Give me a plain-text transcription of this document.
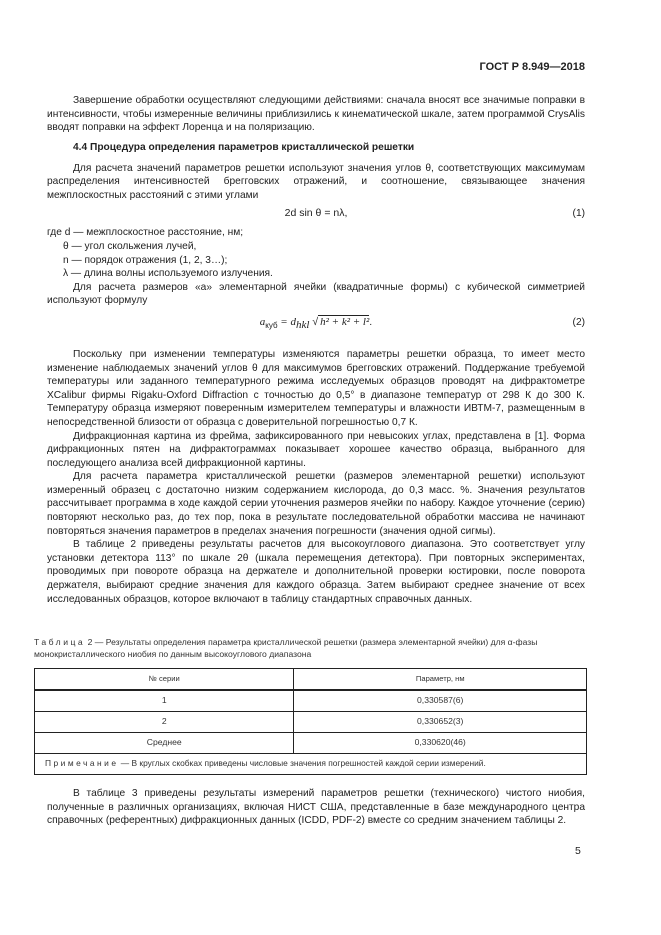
ГОСТ Р 8.949—2018

Завершение обработки осуществляют следующими действиями: сначала вносят все значимые поправки в интенсивности, чтобы измеренные величины приблизились к кинематической шкале, затем программой CrysAlis вводят поправки на эффект Лоренца и на поляризацию.

4.4 Процедура определения параметров кристаллической решетки

Для расчета значений параметров решетки используют значения углов θ, соответствующих максимумам распределения интенсивностей брегговских отражений, и соотношение, связывающее значения межплоскостных расстояний с этими углами

2d sin θ = nλ,	(1)
где d — межплоскостное расстояние, нм;
θ — угол скольжения лучей,
n — порядок отражения (1, 2, 3…);
λ — длина волны используемого излучения.

Для расчета размеров «а» элементарной ячейки (квадратичные формы) с кубической симметрией используют формулу

$a_{куб} = d_{hkl}$ √ h² + k² + l².	(2)

Поскольку при изменении температуры изменяются параметры решетки образца, то имеет место изменение наблюдаемых значений углов θ для максимумов брегговских отражений. Поддержание требуемой температуры или заданного температурного режима исследуемых образцов проводят на дифрактометре XCalibur фирмы Rigaku-Oxford Diffraction с точностью до 0,5° в диапазоне температур от 298 К до 300 К. Температуру образца измеряют поверенным измерителем температуры и влажности ИВТМ-7, размещенным в непосредственной близости от образца с доверительной погрешностью 0,7 К.

Дифракционная картина из фрейма, зафиксированного при невысоких углах, представлена в [1]. Форма дифракционных пятен на дифрактограммах показывает хорошее качество образца, выбранного для последующего анализа всей дифракционной картины.

Для расчета параметра кристаллической решетки (размеров элементарной решетки) используют измеренный образец с достаточно низким содержанием кислорода, до 0,3 масс. %. Значения результатов рассчитывает программа в ходе каждой серии уточнения размеров ячейки по набору. Каждое уточнение (серию) повторяют несколько раз, до тех пор, пока в результате последовательной обработки массива не начинают повторяться значения параметров в пределах значения погрешности (значения одной сигмы).

В таблице 2 приведены результаты расчетов для высокоуглового диапазона. Это соответствует углу установки детектора 113° по шкале 2θ (шкала перемещения детектора). При повторных экспериментах, проводимых при повороте образца на держателе и дополнительной проверки юстировки, после поворота держателя, выбирают средние значения для каждого образца. Затем выбирают среднее значение от всех исследованных образцов, которое включают в таблицу стандартных справочных данных.

Таблица 2 — Результаты определения параметра кристаллической решетки (размера элементарной ячейки) для α-фазы монокристаллического ниобия по данным высокоуглового диапазона
№ серии	Параметр, нм
1	0,330587(6)
2	0,330652(3)
Среднее	0,330620(46)
Примечание — В круглых скобках приведены числовые значения погрешностей каждой серии измерений.	

В таблице 3 приведены результаты измерений параметров решетки (технического) чистого ниобия, полученные в различных организациях, включая НИСТ США, представленные в базе международного центра справочных (референтных) дифракционных данных (ICDD, PDF-2) вместе со средним значением таблицы 2.

5
